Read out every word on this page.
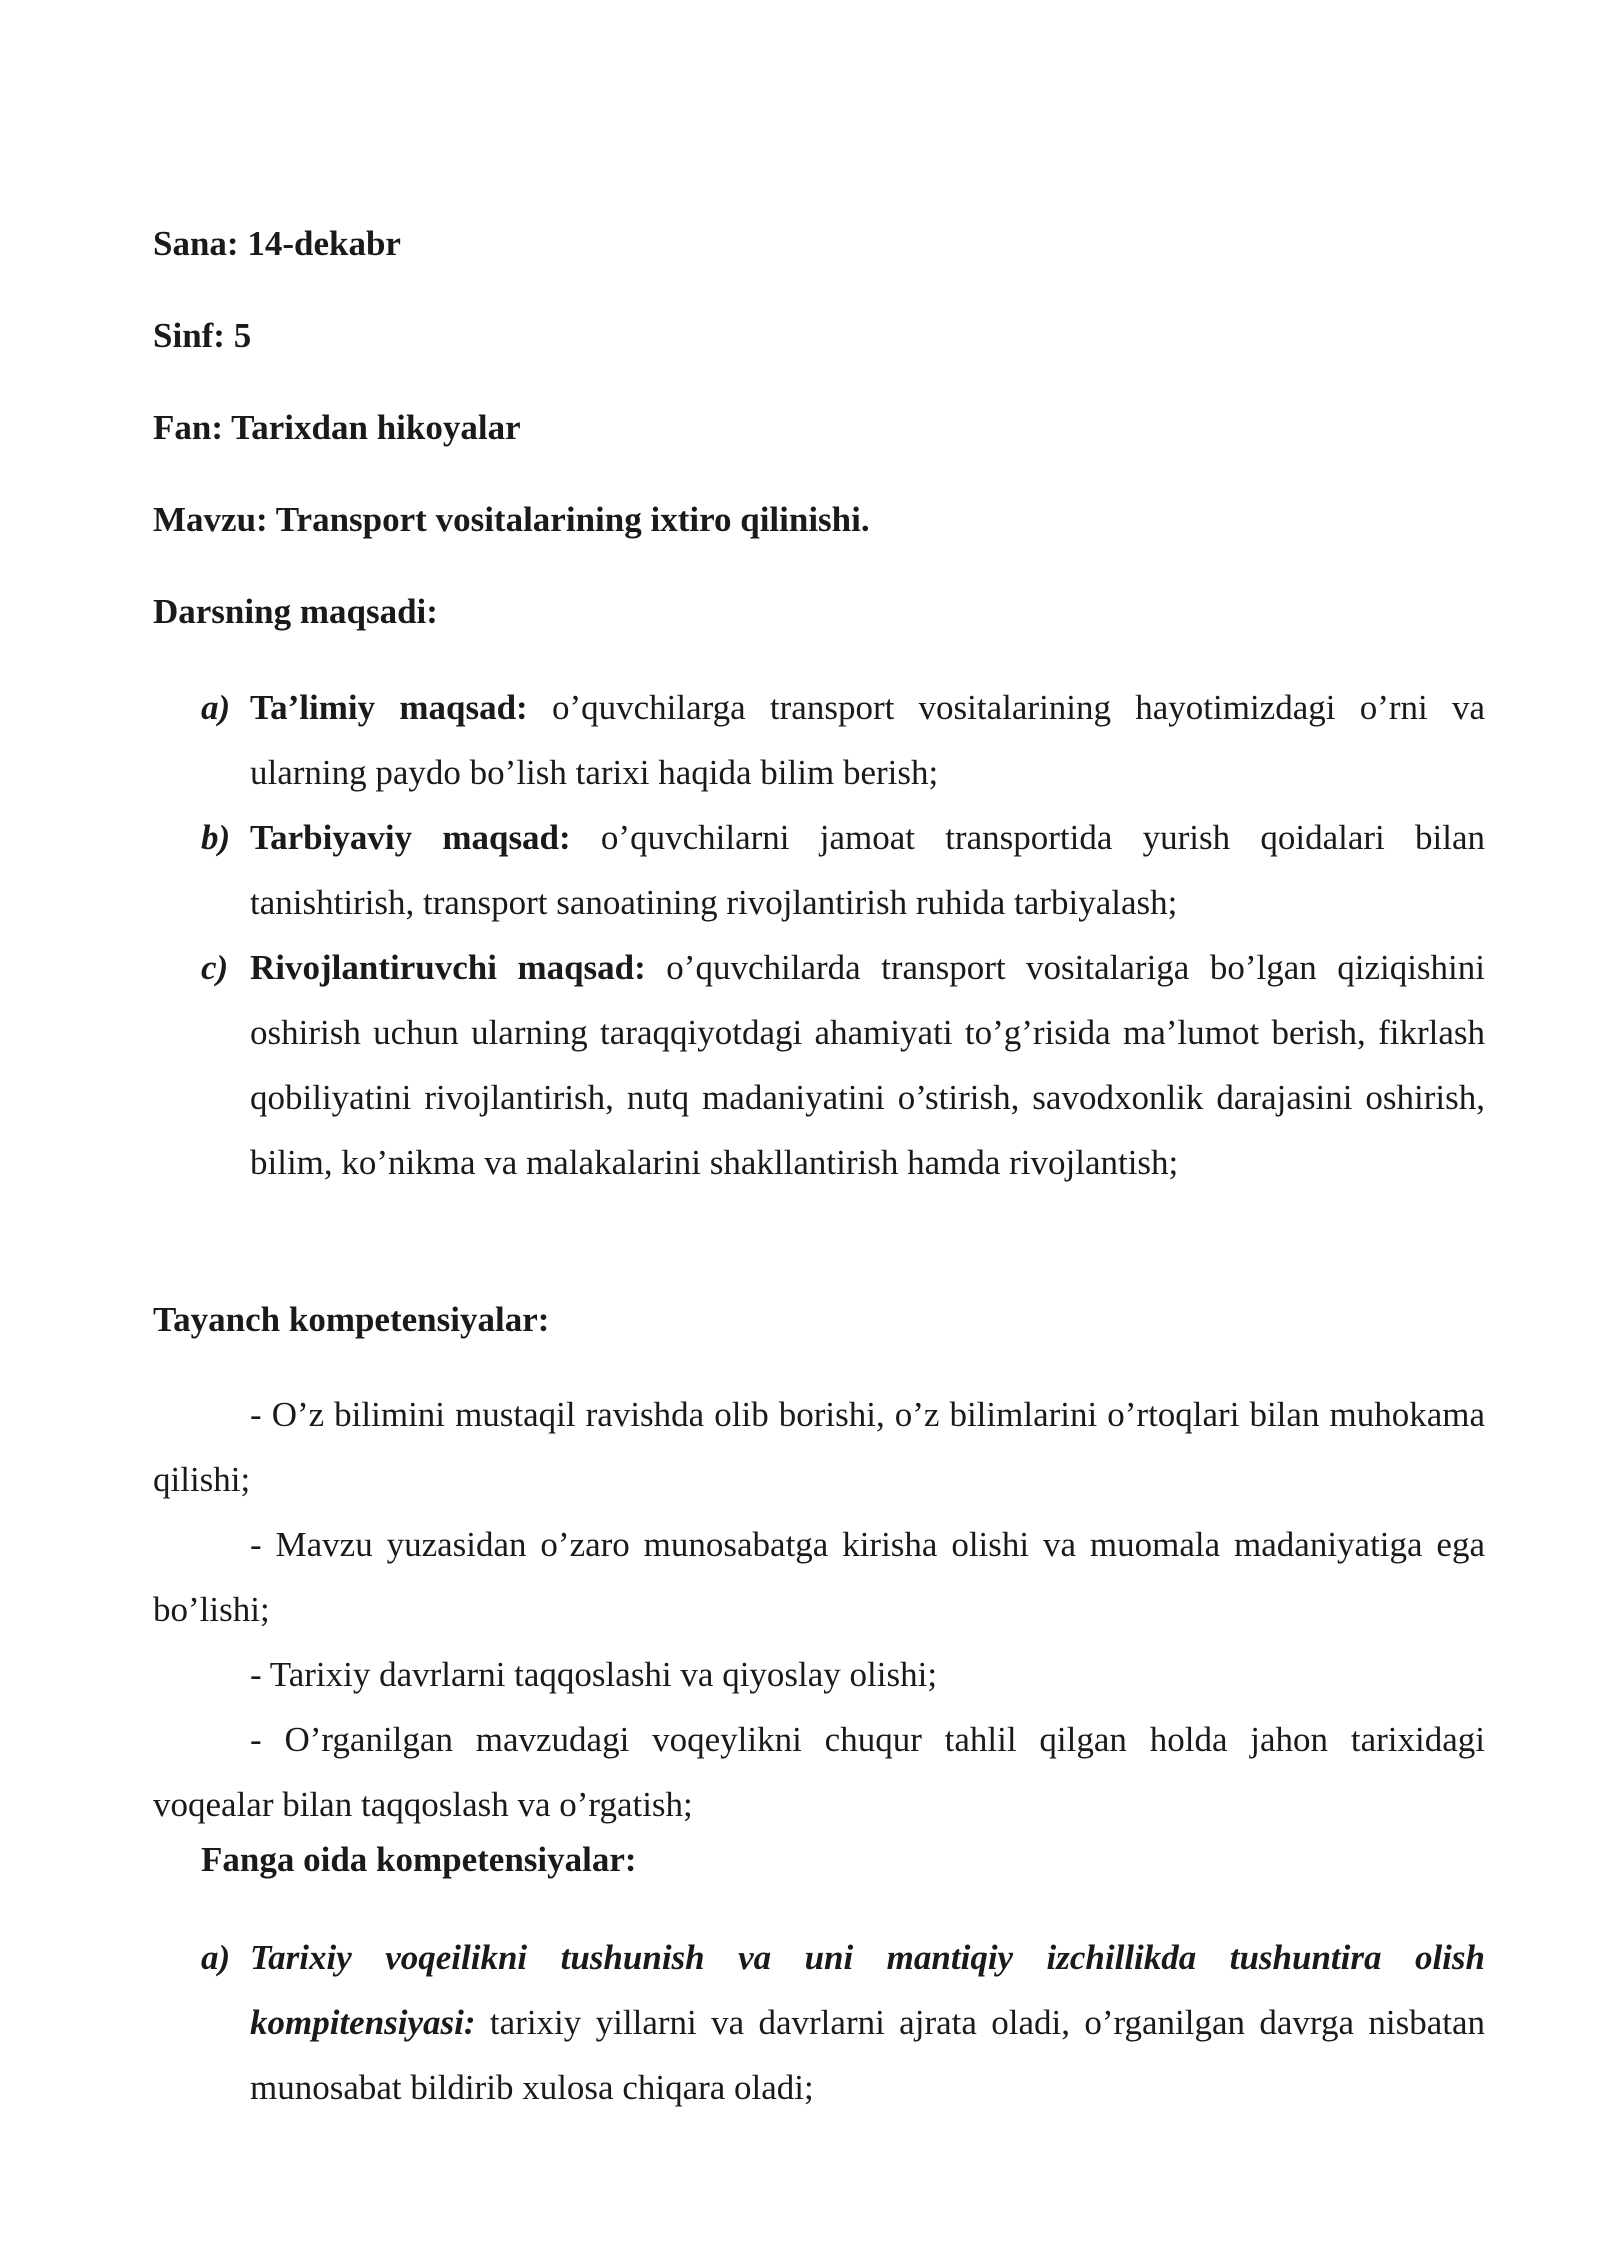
Sana: 14-dekabr
Sinf: 5
Fan: Tarixdan hikoyalar
Mavzu: Transport vositalarining ixtiro qilinishi.
Darsning maqsadi:
a) Ta’limiy maqsad: o’quvchilarga transport vositalarining hayotimizdagi o’rni va ularning paydo bo’lish tarixi haqida bilim berish;
b) Tarbiyaviy maqsad: o’quvchilarni jamoat transportida yurish qoidalari bilan tanishtirish, transport sanoatining rivojlantirish ruhida tarbiyalash;
c) Rivojlantiruvchi maqsad: o’quvchilarda transport vositalariga bo’lgan qiziqishini oshirish uchun ularning taraqqiyotdagi ahamiyati to’g’risida ma’lumot berish, fikrlash qobiliyatini rivojlantirish, nutq madaniyatini o’stirish, savodxonlik darajasini oshirish, bilim, ko’nikma va malakalarini shakllantirish hamda rivojlantish;
Tayanch kompetensiyalar:
- O’z bilimini mustaqil ravishda olib borishi, o’z bilimlarini o’rtoqlari bilan muhokama qilishi;
- Mavzu yuzasidan o’zaro munosabatga kirisha olishi va muomala madaniyatiga ega bo’lishi;
- Tarixiy davrlarni taqqoslashi va qiyoslay olishi;
- O’rganilgan mavzudagi voqeylikni chuqur tahlil qilgan holda jahon tarixidagi voqealar bilan taqqoslash va o’rgatish;
Fanga oida kompetensiyalar:
a) Tarixiy voqeilikni tushunish va uni mantiqiy izchillikda tushuntira olish kompitensiyasi: tarixiy yillarni va davrlarni ajrata oladi, o’rganilgan davrga nisbatan munosabat bildirib xulosa chiqara oladi;
